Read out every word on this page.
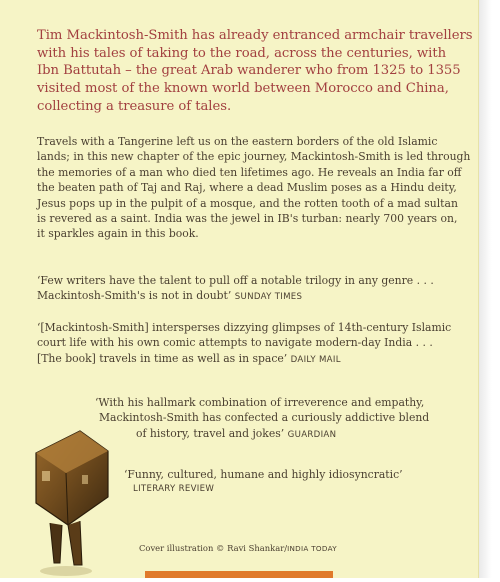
Tim Mackintosh-Smith has already entranced armchair travellers
with his tales of taking to the road, across the centuries, with
Ibn Battutah – the great Arab wanderer who from 1325 to 1355
visited most of the known world between Morocco and China,
collecting a treasure of tales.
Travels with a Tangerine left us on the eastern borders of the old Islamic
lands; in this new chapter of the epic journey, Mackintosh-Smith is led through
the memories of a man who died ten lifetimes ago. He reveals an India far off
the beaten path of Taj and Raj, where a dead Muslim poses as a Hindu deity,
Jesus pops up in the pulpit of a mosque, and the rotten tooth of a mad sultan
is revered as a saint. India was the jewel in IB's turban: nearly 700 years on,
it sparkles again in this book.
‘Few writers have the talent to pull off a notable trilogy in any genre . . .
Mackintosh-Smith's is not in doubt’ SUNDAY TIMES
‘[Mackintosh-Smith] intersperses dizzying glimpses of 14th-century Islamic
court life with his own comic attempts to navigate modern-day India . . .
[The book] travels in time as well as in space’ DAILY MAIL
‘With his hallmark combination of irreverence and empathy,
Mackintosh-Smith has confected a curiously addictive blend
of history, travel and jokes’ GUARDIAN
‘Funny, cultured, humane and highly idiosyncratic’
LITERARY REVIEW
Cover illustration © Ravi Shankar/INDIA TODAY
